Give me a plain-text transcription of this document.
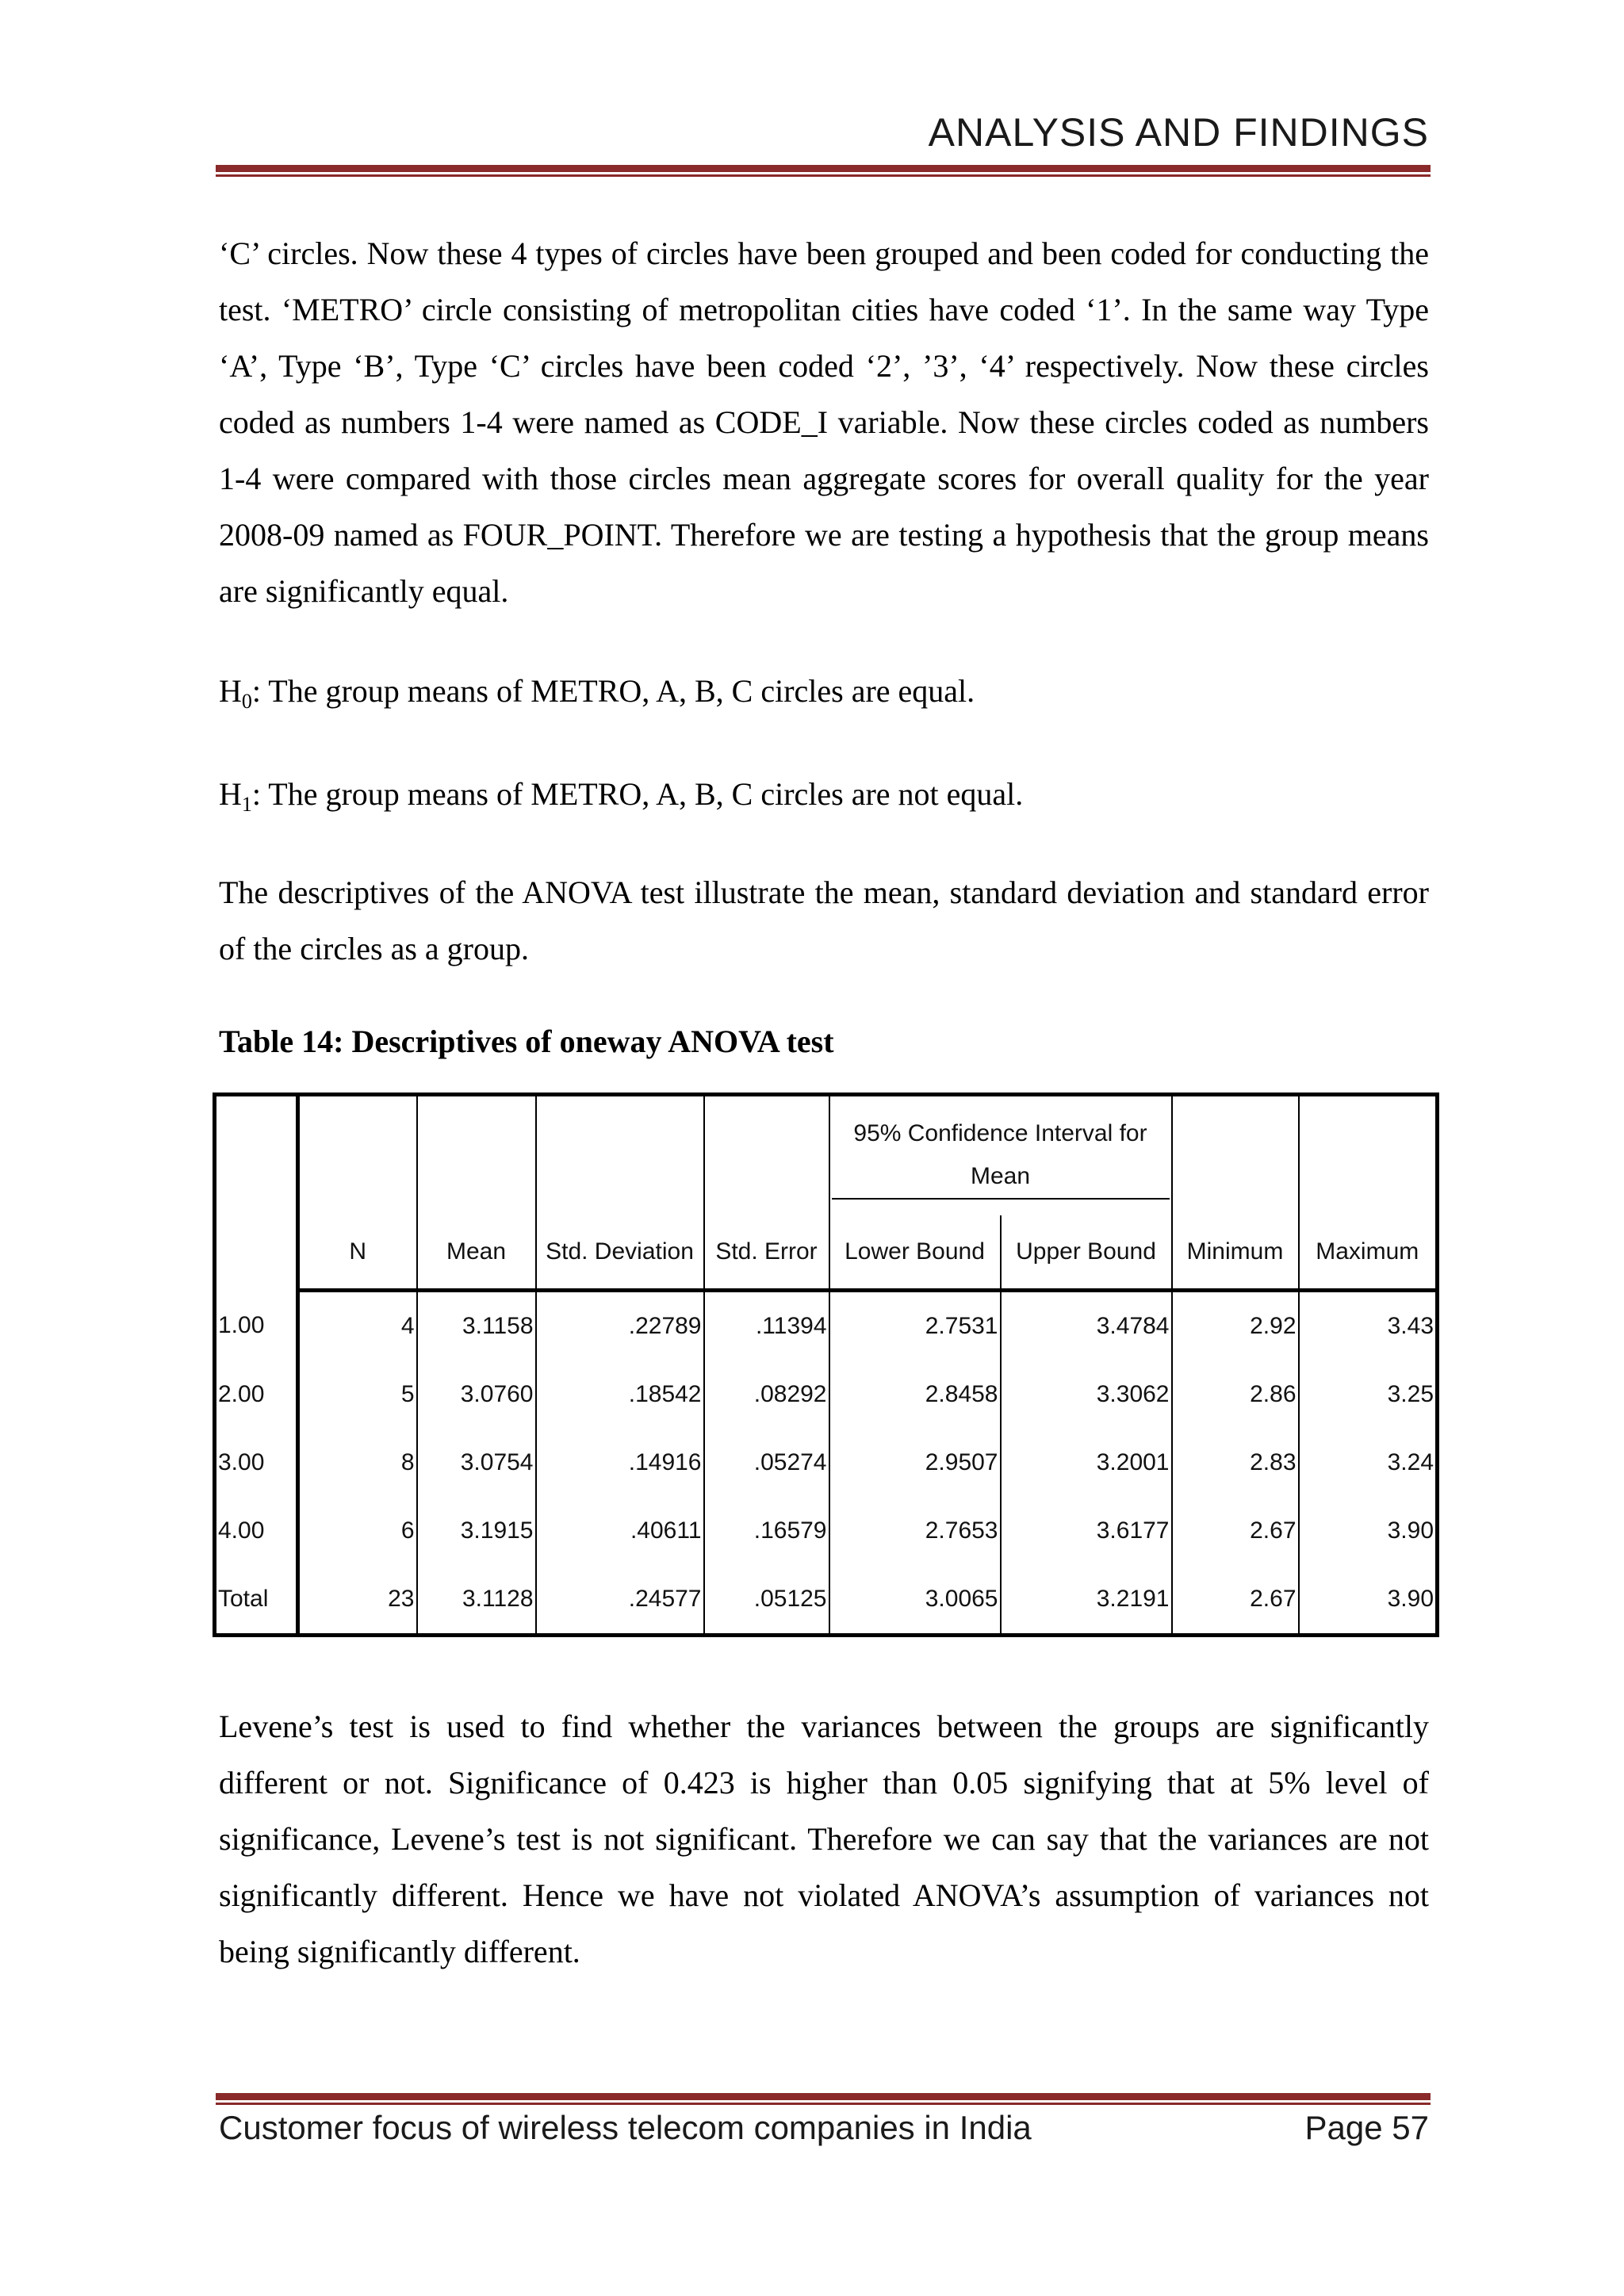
ANALYSIS AND FINDINGS

‘C’ circles. Now these 4 types of circles have been grouped and been coded for conducting the test. ‘METRO’ circle consisting of metropolitan cities have coded ‘1’. In the same way Type ‘A’, Type ‘B’, Type ‘C’ circles have been coded ‘2’, ’3’, ‘4’ respectively. Now these circles coded as numbers 1-4 were named as CODE_I variable. Now these circles coded as numbers 1-4 were compared with those circles mean aggregate scores for overall quality for the year 2008-09 named as FOUR_POINT. Therefore we are testing a hypothesis that the group means are significantly equal.

$H_0$: The group means of METRO, A, B, C circles are equal.

$H_1$: The group means of METRO, A, B, C circles are not equal.

The descriptives of the ANOVA test illustrate the mean, standard deviation and standard error of the circles as a group.

Table 14: Descriptives of oneway ANOVA test

					95% Confidence Interval for Mean			

	N	Mean	Std. Deviation	Std. Error	Lower Bound	Upper Bound	Minimum	Maximum
1.00	4	3.1158	.22789	.11394	2.7531	3.4784	2.92	3.43
2.00	5	3.0760	.18542	.08292	2.8458	3.3062	2.86	3.25
3.00	8	3.0754	.14916	.05274	2.9507	3.2001	2.83	3.24
4.00	6	3.1915	.40611	.16579	2.7653	3.6177	2.67	3.90
Total	23	3.1128	.24577	.05125	3.0065	3.2191	2.67	3.90

Levene’s test is used to find whether the variances between the groups are significantly different or not. Significance of 0.423 is higher than 0.05 signifying that at 5% level of significance, Levene’s test is not significant. Therefore we can say that the variances are not significantly different. Hence we have not violated ANOVA’s assumption of variances not being significantly different.

Customer focus of wireless telecom companies in India	Page 57
